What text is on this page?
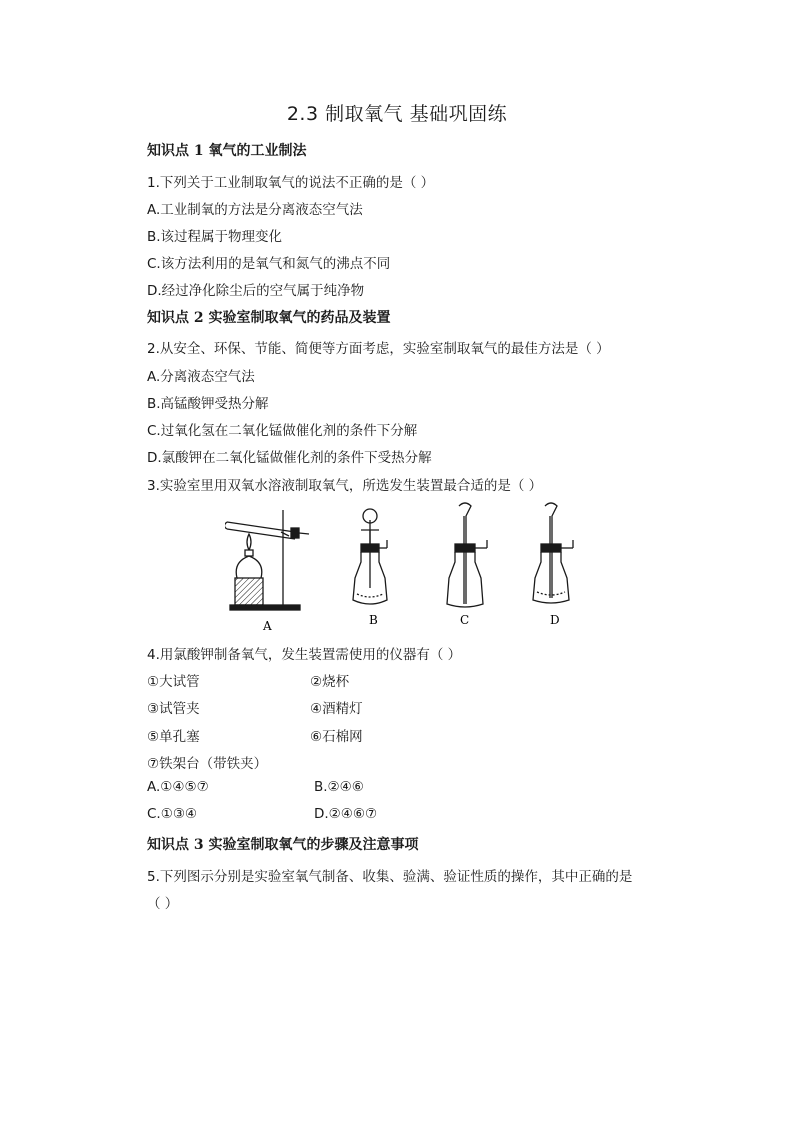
2.3 制取氧气 基础巩固练
知识点 1 氧气的工业制法
1.下列关于工业制取氧气的说法不正确的是（ ）
A.工业制氧的方法是分离液态空气法
B.该过程属于物理变化
C.该方法利用的是氧气和氮气的沸点不同
D.经过净化除尘后的空气属于纯净物
知识点 2 实验室制取氧气的药品及装置
2.从安全、环保、节能、简便等方面考虑，实验室制取氧气的最佳方法是（ ）
A.分离液态空气法
B.高锰酸钾受热分解
C.过氧化氢在二氧化锰做催化剂的条件下分解
D.氯酸钾在二氧化锰做催化剂的条件下受热分解
3.实验室里用双氧水溶液制取氧气，所选发生装置最合适的是（ ）
A	B	C	D
4.用氯酸钾制备氧气，发生装置需使用的仪器有（ ）
①大试管	②烧杯
③试管夹	④酒精灯
⑤单孔塞	⑥石棉网
⑦铁架台（带铁夹）
A.①④⑤⑦	B.②④⑥
C.①③④	D.②④⑥⑦
知识点 3 实验室制取氧气的步骤及注意事项
5.下列图示分别是实验室氧气制备、收集、验满、验证性质的操作，其中正确的是
（ ）
